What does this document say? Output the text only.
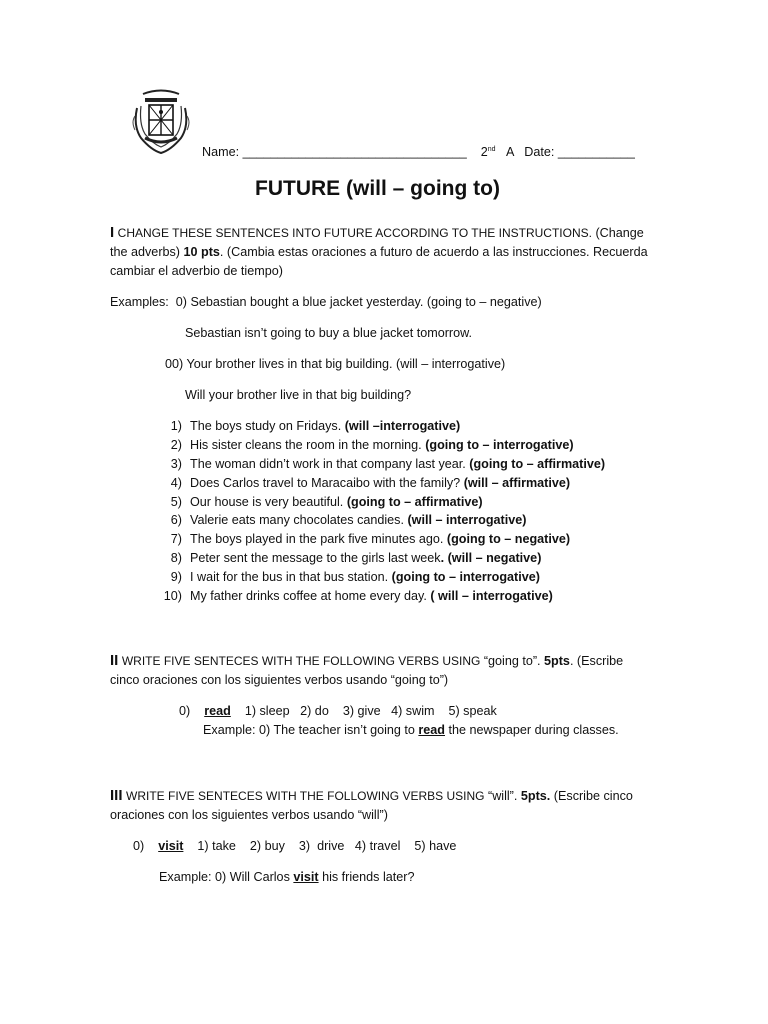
Name: ________________________________ 2nd A Date: ___________
FUTURE (will – going to)
I CHANGE THESE SENTENCES INTO FUTURE ACCORDING TO THE INSTRUCTIONS. (Change the adverbs) 10 pts. (Cambia estas oraciones a futuro de acuerdo a las instrucciones. Recuerda cambiar el adverbio de tiempo)
Examples: 0) Sebastian bought a blue jacket yesterday. (going to – negative)
Sebastian isn’t going to buy a blue jacket tomorrow.
00) Your brother lives in that big building. (will – interrogative)
Will your brother live in that big building?
1) The boys study on Fridays. (will –interrogative)
2) His sister cleans the room in the morning. (going to – interrogative)
3) The woman didn’t work in that company last year. (going to – affirmative)
4) Does Carlos travel to Maracaibo with the family? (will – affirmative)
5) Our house is very beautiful. (going to – affirmative)
6) Valerie eats many chocolates candies. (will – interrogative)
7) The boys played in the park five minutes ago. (going to – negative)
8) Peter sent the message to the girls last week. (will – negative)
9) I wait for the bus in that bus station. (going to – interrogative)
10) My father drinks coffee at home every day. ( will – interrogative)
II WRITE FIVE SENTECES WITH THE FOLLOWING VERBS USING “going to”. 5pts. (Escribe cinco oraciones con los siguientes verbos usando “going to”)
0) read 1) sleep   2) do    3) give   4) swim    5) speak
Example: 0) The teacher isn’t going to read the newspaper during classes.
III WRITE FIVE SENTECES WITH THE FOLLOWING VERBS USING “will”. 5pts. (Escribe cinco oraciones con los siguientes verbos usando “will”)
0) visit 1) take    2) buy    3)  drive   4) travel    5) have
Example: 0) Will Carlos visit his friends later?
